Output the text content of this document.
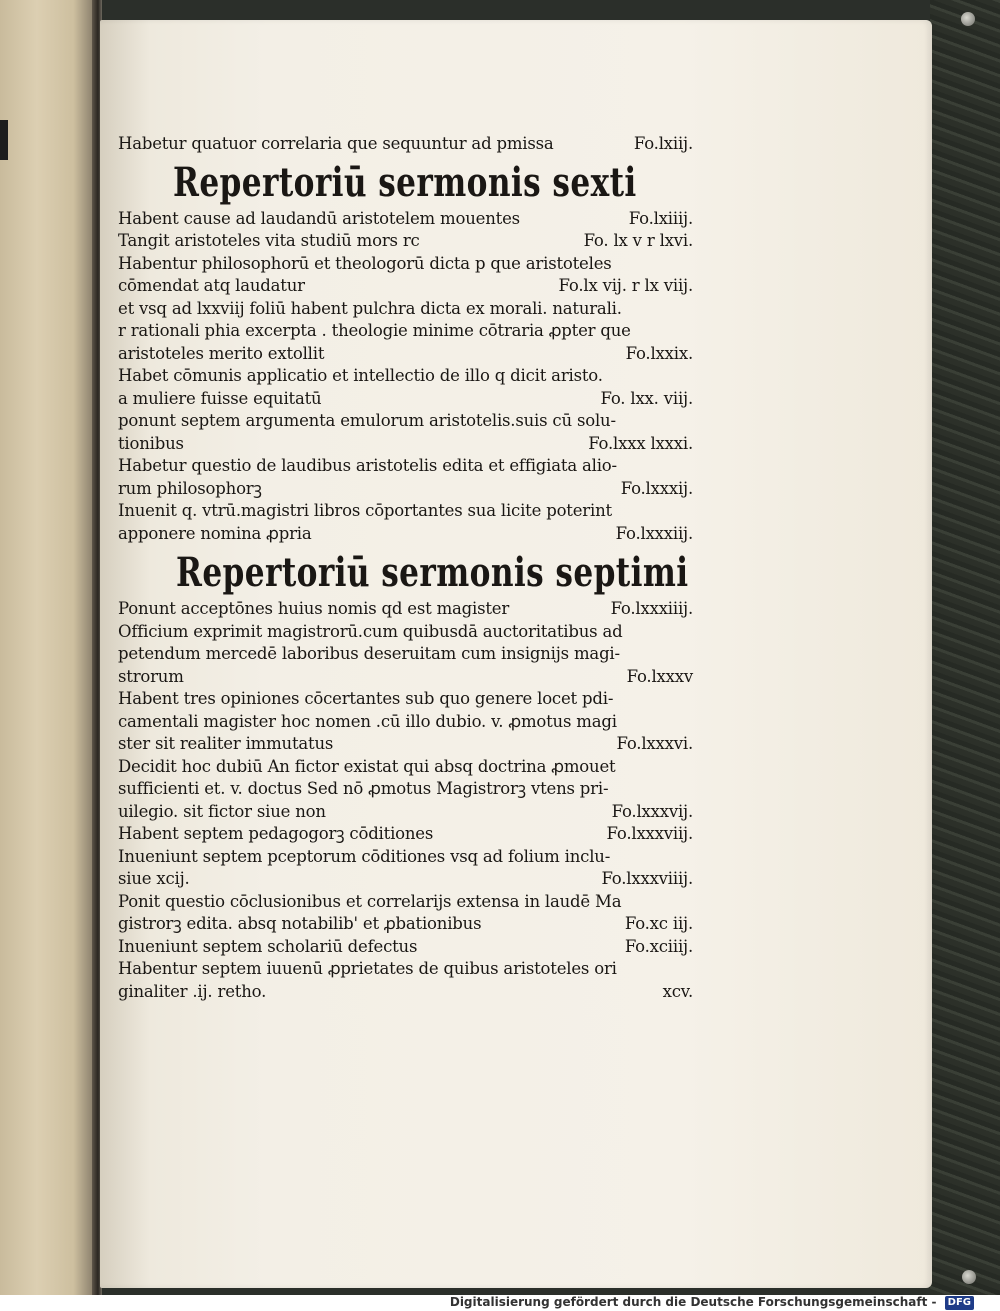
Habetur quatuor correlaria que sequuntur ad pmissa	Fo.lxiij.
Repertoriū sermonis sexti
Habent cause ad laudandū aristotelem mouentes	Fo.lxiiij.
Tangit aristoteles vita studiū mors rc	Fo. lx v r lxvi.
Habentur philosophorū et theologorū dicta p que aristoteles
cōmendat atq laudatur	Fo.lx vij. r lx viij.
et vsq ad lxxviij foliū habent pulchra dicta ex morali. naturali.
r rationali phia excerpta . theologie minime cōtraria ꝓpter que
aristoteles merito extollit	Fo.lxxix.
Habet cōmunis applicatio et intellectio de illo q dicit aristo.
a muliere fuisse equitatū	Fo. lxx. viij.
ponunt septem argumenta emulorum aristotelis.suis cū solu-
tionibus	Fo.lxxx lxxxi.
Habetur questio de laudibus aristotelis edita et effigiata alio-
rum philosophorꝫ	Fo.lxxxij.
Inuenit q. vtrū.magistri libros cōportantes sua licite poterint
apponere nomina ꝓpria	Fo.lxxxiij.
Repertoriū sermonis septimi
Ponunt acceptōnes huius nomis qd est magister	Fo.lxxxiiij.
Officium exprimit magistrorū.cum quibusdā auctoritatibus ad
petendum mercedē laboribus deseruitam cum insignijs magi-
strorum	Fo.lxxxv
Habent tres opiniones cōcertantes sub quo genere locet pdi-
camentali magister hoc nomen .cū illo dubio. v. ꝓmotus magi
ster sit realiter immutatus	Fo.lxxxvi.
Decidit hoc dubiū An fictor existat qui absq doctrina ꝓmouet
sufficienti et. v. doctus Sed nō ꝓmotus Magistrorꝫ vtens pri-
uilegio. sit fictor siue non	Fo.lxxxvij.
Habent septem pedagogorꝫ cōditiones	Fo.lxxxviij.
Inueniunt septem pceptorum cōditiones vsq ad folium inclu-
siue xcij.	Fo.lxxxviiij.
Ponit questio cōclusionibus et correlarijs extensa in laudē Ma
gistrorꝫ edita. absq notabilib' et ꝓbationibus	Fo.xc iij.
Inueniunt septem scholariū defectus	Fo.xciiij.
Habentur septem iuuenū ꝓprietates de quibus aristoteles ori
ginaliter .ij. retho.	xcv.
Digitalisierung gefördert durch die Deutsche Forschungsgemeinschaft - DFG
